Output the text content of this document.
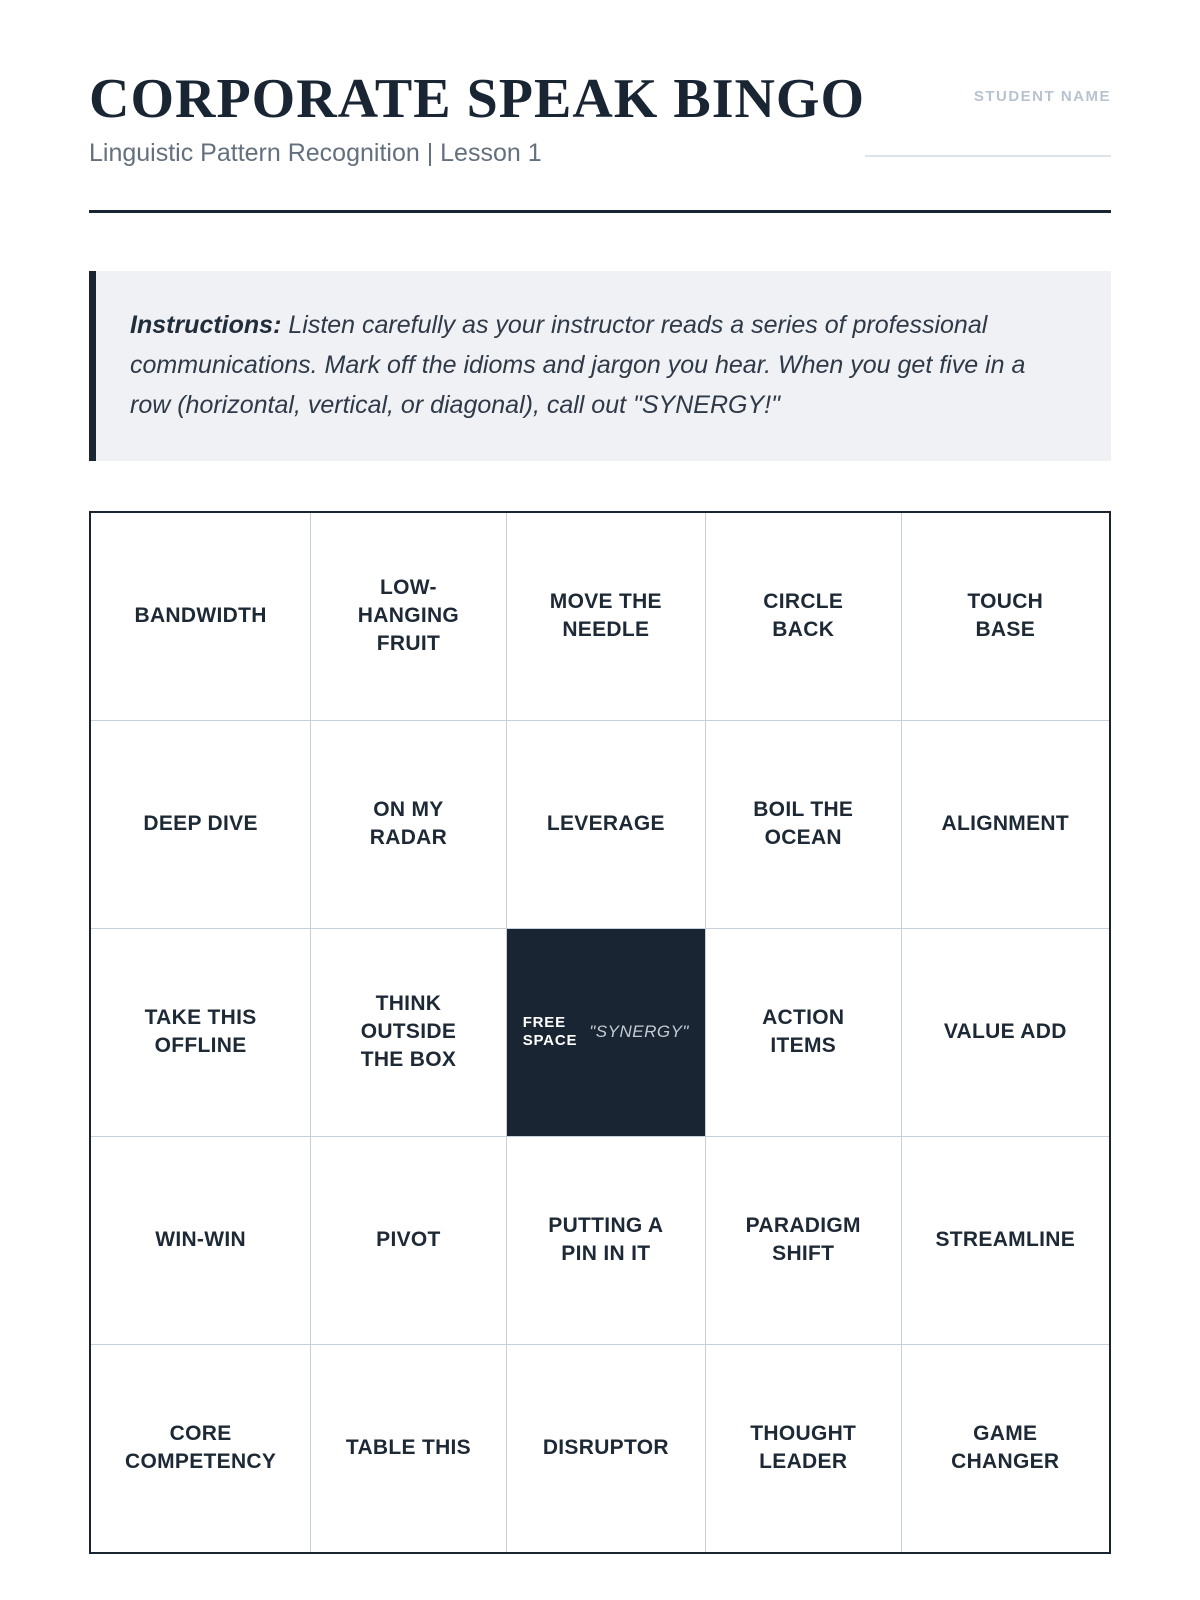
CORPORATE SPEAK BINGO
Linguistic Pattern Recognition | Lesson 1
STUDENT NAME
Instructions: Listen carefully as your instructor reads a series of professional communications. Mark off the idioms and jargon you hear. When you get five in a row (horizontal, vertical, or diagonal), call out "SYNERGY!"
BANDWIDTH
LOW-HANGING FRUIT
MOVE THE NEEDLE
CIRCLE BACK
TOUCH BASE
DEEP DIVE
ON MY RADAR
LEVERAGE
BOIL THE OCEAN
ALIGNMENT
TAKE THIS OFFLINE
THINK OUTSIDE THE BOX
FREE
SPACE "SYNERGY"
ACTION ITEMS
VALUE ADD
WIN-WIN	PIVOT
PUTTING A PIN IN IT
PARADIGM SHIFT
STREAMLINE
CORE COMPETENCY
TABLE THIS	DISRUPTOR
THOUGHT LEADER
GAME CHANGER
